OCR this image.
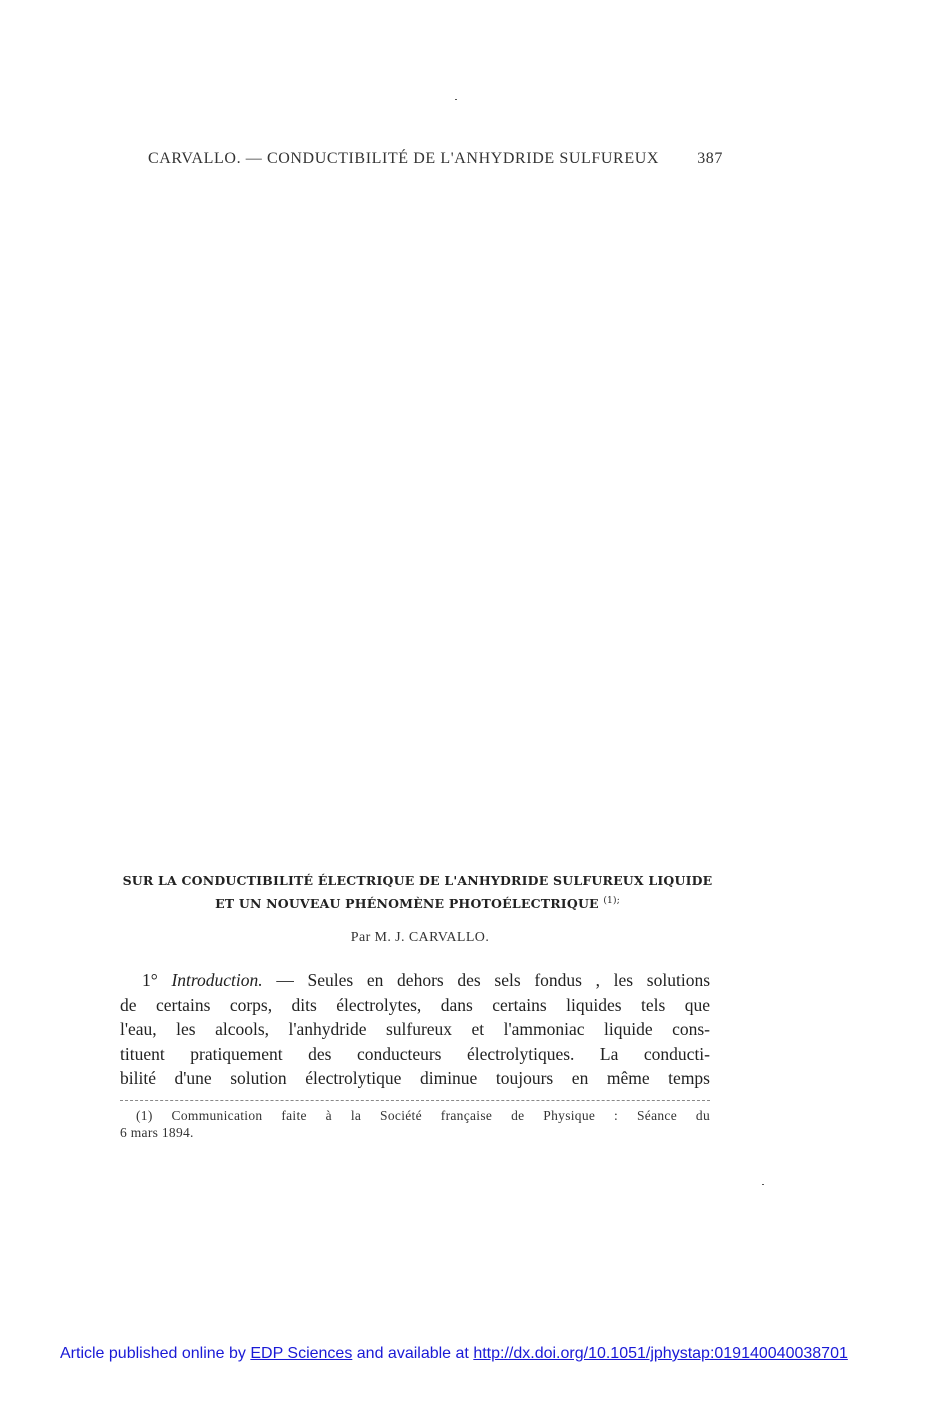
CARVALLO. — CONDUCTIBILITÉ DE L'ANHYDRIDE SULFUREUX 387
SUR LA CONDUCTIBILITÉ ÉLECTRIQUE DE L'ANHYDRIDE SULFUREUX LIQUIDE
ET UN NOUVEAU PHÉNOMÈNE PHOTOÉLECTRIQUE $^{(1);}$
Par M. J. CARVALLO.
1° Introduction. — Seules en dehors des sels fondus , les solutions
de certains corps, dits électrolytes, dans certains liquides tels que
l'eau, les alcools, l'anhydride sulfureux et l'ammoniac liquide cons-
tituent pratiquement des conducteurs électrolytiques. La conducti-
bilité d'une solution électrolytique diminue toujours en même temps
(1) Communication faite à la Société française de Physique : Séance du
6 mars 1894.
Article published online by EDP Sciences and available at http://dx.doi.org/10.1051/jphystap:019140040038701
